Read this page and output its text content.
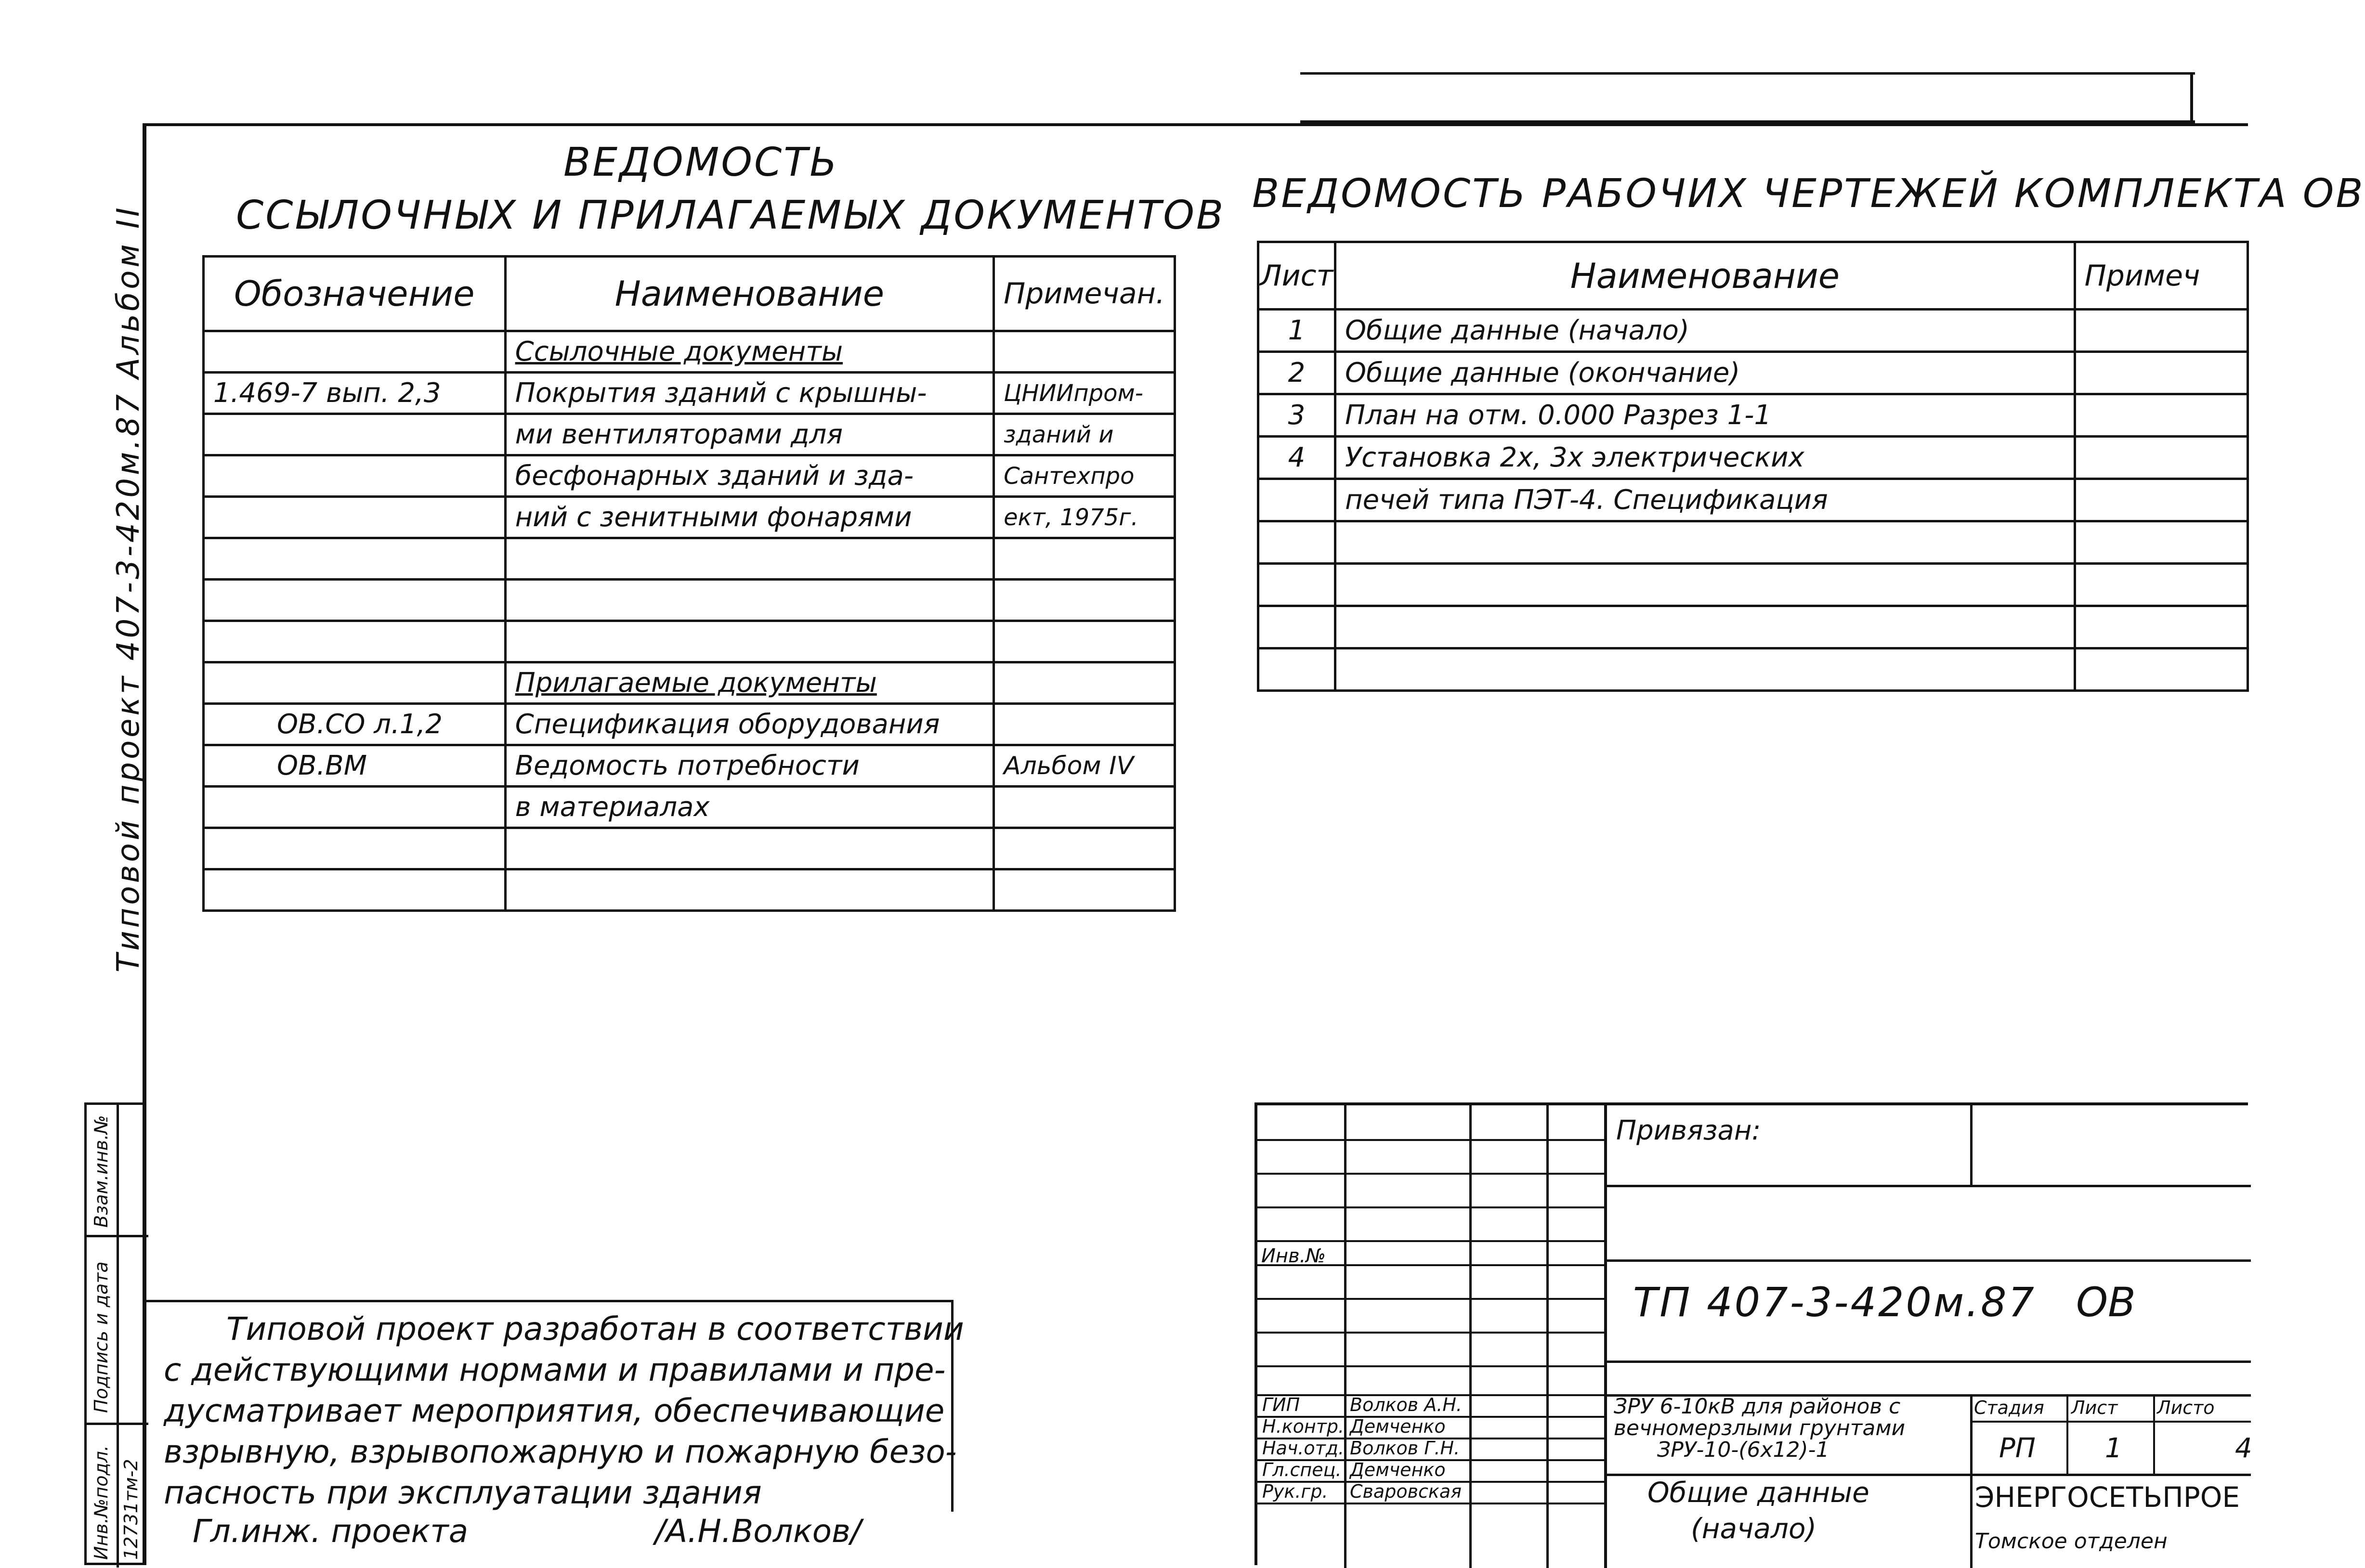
Типовой проект 407-3-420м.87 Альбом II
ВЕДОМОСТЬ
ССЫЛОЧНЫХ И ПРИЛАГАЕМЫХ ДОКУМЕНТОВ
Обозначение	Наименование	Примечан.
	Ссылочные документы	
1.469-7 вып. 2,3	Покрытия зданий с крышны-	ЦНИИпром-
	ми вентиляторами для	зданий и
	бесфонарных зданий и зда-	Сантехпро
	ний с зенитными фонарями	ект, 1975г.

	Прилагаемые документы	
ОВ.СО л.1,2	Спецификация оборудования	
ОВ.ВМ	Ведомость потребности	Альбом IV
	в материалах	

ВЕДОМОСТЬ РАБОЧИХ ЧЕРТЕЖЕЙ КОМПЛЕКТА ОВ
Лист	Наименование	Примеч
1	Общие данные (начало)	
2	Общие данные (окончание)	
3	План на отм. 0.000 Разрез 1-1	
4	Установка 2х, 3х электрических	
	печей типа ПЭТ-4. Спецификация	

Взам.инв.№
Подпись и дата
Инв.№подл. 12731тм-2
Типовой проект разработан в соответствии
с действующими нормами и правилами и пре-
дусматривает мероприятия, обеспечивающие
взрывную, взрывопожарную и пожарную безо-
пасность при эксплуатации здания
Гл.инж. проекта	/А.Н.Волков/
Инв.№
ГИП	Волков А.Н.
Н.контр. Демченко
Нач.отд. Волков Г.Н.
Гл.спец. Демченко
Рук.гр. Сваровская
Привязан:
ТП 407-3-420м.87 ОВ
ЗРУ 6-10кВ для районов с
вечномерзлыми грунтами
ЗРУ-10-(6х12)-1
Общие данные
(начало)
Стадия Лист Листо
РП	1	4
ЭНЕРГОСЕТЬПРОЕ
Томское отделен
